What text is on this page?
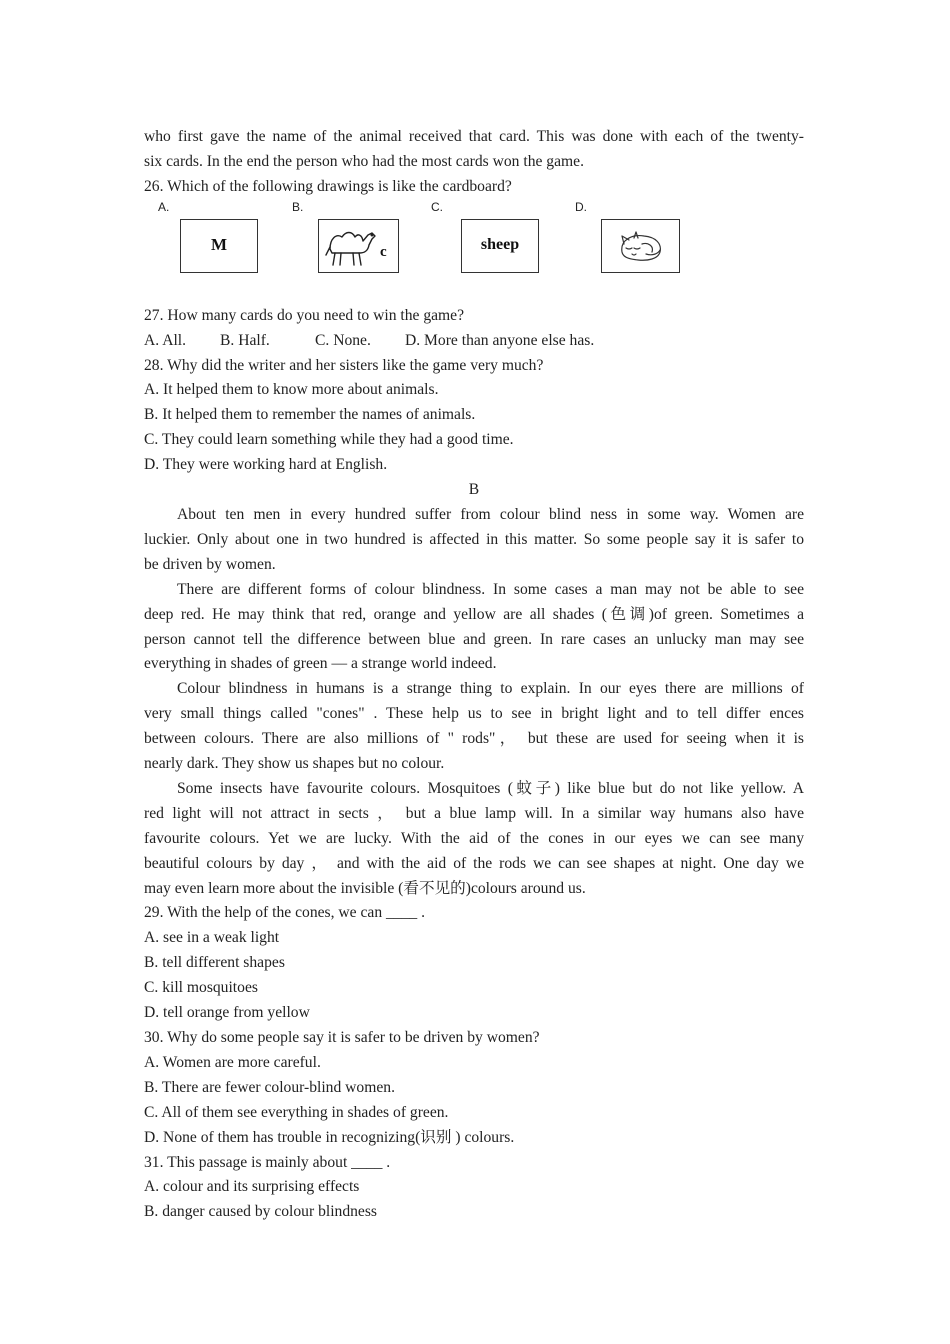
who first gave the name of the animal received that card. This was done with each of the twenty-
six cards. In the end the person who had the most cards won the game.
26. Which of the following drawings is like the cardboard?
A.
M
B.
c
C.
sheep
D.
27. How many cards do you need to win the game?
A. All. B. Half.	C. None. D. More than anyone else has.
28. Why did the writer and her sisters like the game very much?
A. It helped them to know more about animals.
B. It helped them to remember the names of animals.
C. They could learn something while they had a good time.
D. They were working hard at English.
B
About ten men in every hundred suffer from colour blind ness in some way. Women are
luckier. Only about one in two hundred is affected in this matter. So some people say it is safer to
be driven by women.
There are different forms of colour blindness. In some cases a man may not be able to see
deep red. He may think that red, orange and yellow are all shades (色调)of green. Sometimes a
person cannot tell the difference between blue and green. In rare cases an unlucky man may see
everything in shades of green — a strange world indeed.
Colour blindness in humans is a strange thing to explain. In our eyes there are millions of
very small things called "cones" . These help us to see in bright light and to tell differ ences
between colours. There are also millions of " rods"， but these are used for seeing when it is
nearly dark. They show us shapes but no colour.
Some insects have favourite colours. Mosquitoes (蚊子) like blue but do not like yellow. A
red light will not attract in sects ， but a blue lamp will. In a similar way humans also have
favourite colours. Yet we are lucky. With the aid of the cones in our eyes we can see many
beautiful colours by day ， and with the aid of the rods we can see shapes at night. One day we
may even learn more about the invisible (看不见的)colours around us.
29. With the help of the cones, we can ____ .
A. see in a weak light
B. tell different shapes
C. kill mosquitoes
D. tell orange from yellow
30. Why do some people say it is safer to be driven by women?
A. Women are more careful.
B. There are fewer colour-blind women.
C. All of them see everything in shades of green.
D. None of them has trouble in recognizing(识别 ) colours.
31. This passage is mainly about ____ .
A. colour and its surprising effects
B. danger caused by colour blindness
